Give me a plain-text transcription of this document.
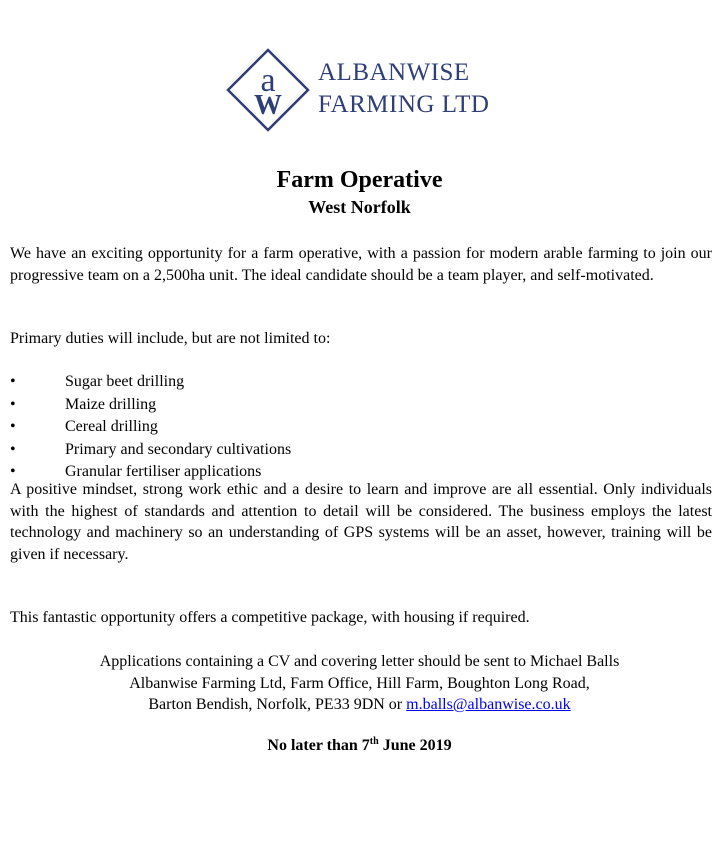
a
W
ALBANWISE
FARMING LTD
Farm Operative
West Norfolk

We have an exciting opportunity for a farm operative, with a passion for modern arable farming to join our progressive team on a 2,500ha unit. The ideal candidate should be a team player, and self-motivated.

Primary duties will include, but are not limited to:

•	Sugar beet drilling
•	Maize drilling
•	Cereal drilling
•	Primary and secondary cultivations
•	Granular fertiliser applications

A positive mindset, strong work ethic and a desire to learn and improve are all essential. Only individuals with the highest of standards and attention to detail will be considered. The business employs the latest technology and machinery so an understanding of GPS systems will be an asset, however, training will be given if necessary.

This fantastic opportunity offers a competitive package, with housing if required.

Applications containing a CV and covering letter should be sent to Michael Balls
Albanwise Farming Ltd, Farm Office, Hill Farm, Boughton Long Road,
Barton Bendish, Norfolk, PE33 9DN or m.balls@albanwise.co.uk
No later than 7th June 2019
